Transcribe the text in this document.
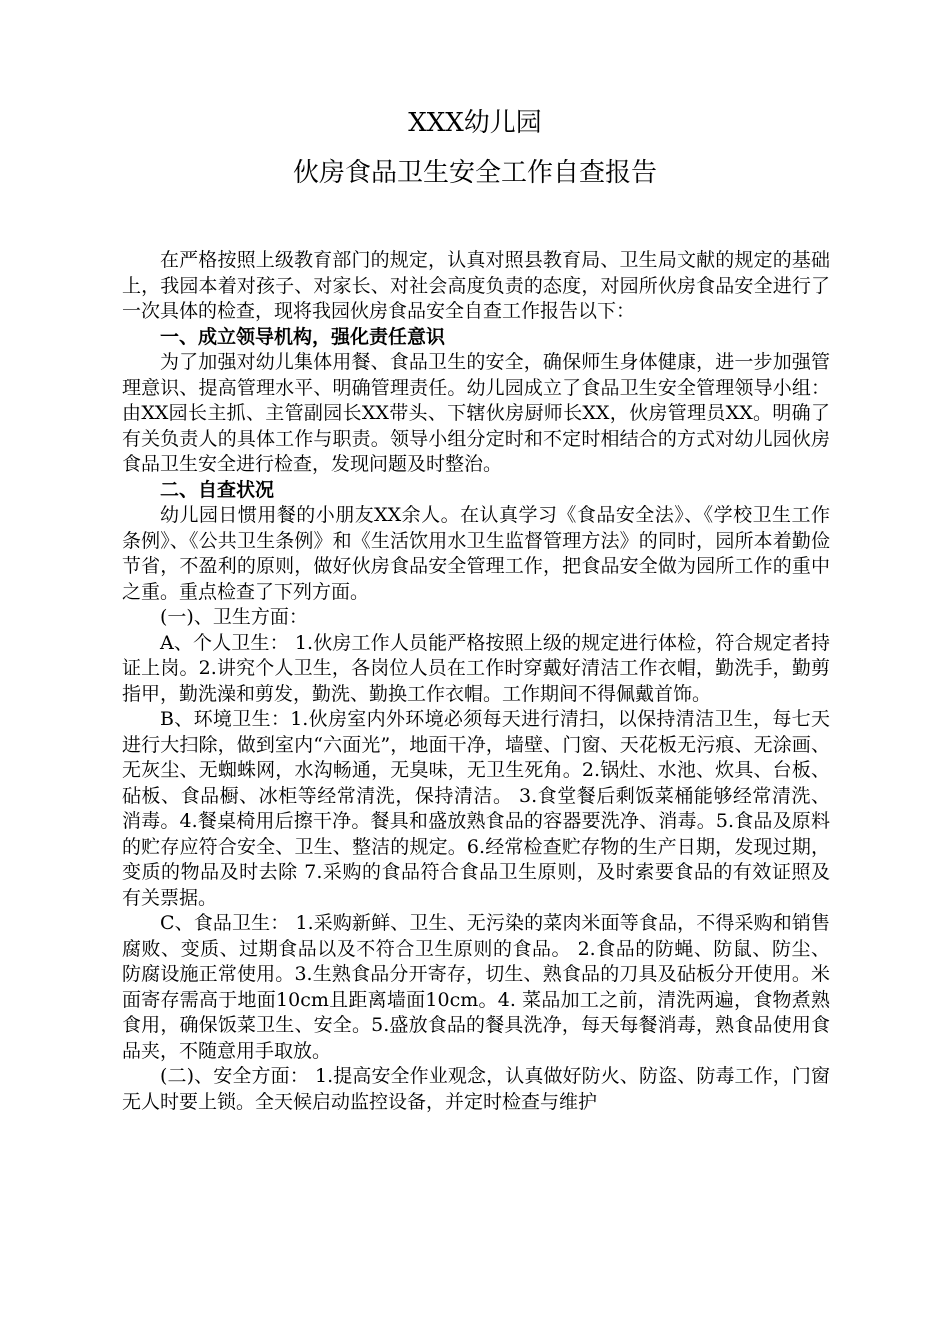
XXX幼儿园
伙房食品卫生安全工作自查报告

在严格按照上级教育部门的规定，认真对照县教育局、卫生局文献的规定的基础上，我园本着对孩子、对家长、对社会高度负责的态度，对园所伙房食品安全进行了一次具体的检查，现将我园伙房食品安全自查工作报告以下：

一、成立领导机构，强化责任意识

为了加强对幼儿集体用餐、食品卫生的安全，确保师生身体健康，进一步加强管理意识、提高管理水平、明确管理责任。幼儿园成立了食品卫生安全管理领导小组：由XX园长主抓、主管副园长XX带头、下辖伙房厨师长XX，伙房管理员XX。明确了有关负责人的具体工作与职责。领导小组分定时和不定时相结合的方式对幼儿园伙房食品卫生安全进行检查，发现问题及时整治。

二、自查状况

幼儿园日惯用餐的小朋友XX余人。在认真学习《食品安全法》、《学校卫生工作条例》、《公共卫生条例》和《生活饮用水卫生监督管理方法》的同时，园所本着勤俭节省，不盈利的原则，做好伙房食品安全管理工作，把食品安全做为园所工作的重中之重。重点检查了下列方面。

(一)、卫生方面：

A、个人卫生： 1.伙房工作人员能严格按照上级的规定进行体检，符合规定者持证上岗。2.讲究个人卫生，各岗位人员在工作时穿戴好清洁工作衣帽，勤洗手，勤剪指甲，勤洗澡和剪发，勤洗、勤换工作衣帽。工作期间不得佩戴首饰。

B、环境卫生：1.伙房室内外环境必须每天进行清扫，以保持清洁卫生，每七天进行大扫除，做到室内“六面光”，地面干净，墙壁、门窗、天花板无污痕、无涂画、无灰尘、无蜘蛛网，水沟畅通，无臭味，无卫生死角。2.锅灶、水池、炊具、台板、砧板、食品橱、冰柜等经常清洗，保持清洁。 3.食堂餐后剩饭菜桶能够经常清洗、消毒。4.餐桌椅用后擦干净。餐具和盛放熟食品的容器要洗净、消毒。5.食品及原料的贮存应符合安全、卫生、整洁的规定。6.经常检查贮存物的生产日期，发现过期，变质的物品及时去除 7.采购的食品符合食品卫生原则，及时索要食品的有效证照及有关票据。

C、食品卫生： 1.采购新鲜、卫生、无污染的菜肉米面等食品，不得采购和销售腐败、变质、过期食品以及不符合卫生原则的食品。 2.食品的防蝇、防鼠、防尘、防腐设施正常使用。3.生熟食品分开寄存，切生、熟食品的刀具及砧板分开使用。米面寄存需高于地面10cm且距离墙面10cm。4. 菜品加工之前，清洗两遍，食物煮熟食用，确保饭菜卫生、安全。5.盛放食品的餐具洗净，每天每餐消毒，熟食品使用食品夹，不随意用手取放。

(二)、安全方面： 1.提高安全作业观念，认真做好防火、防盗、防毒工作，门窗无人时要上锁。全天候启动监控设备，并定时检查与维护
